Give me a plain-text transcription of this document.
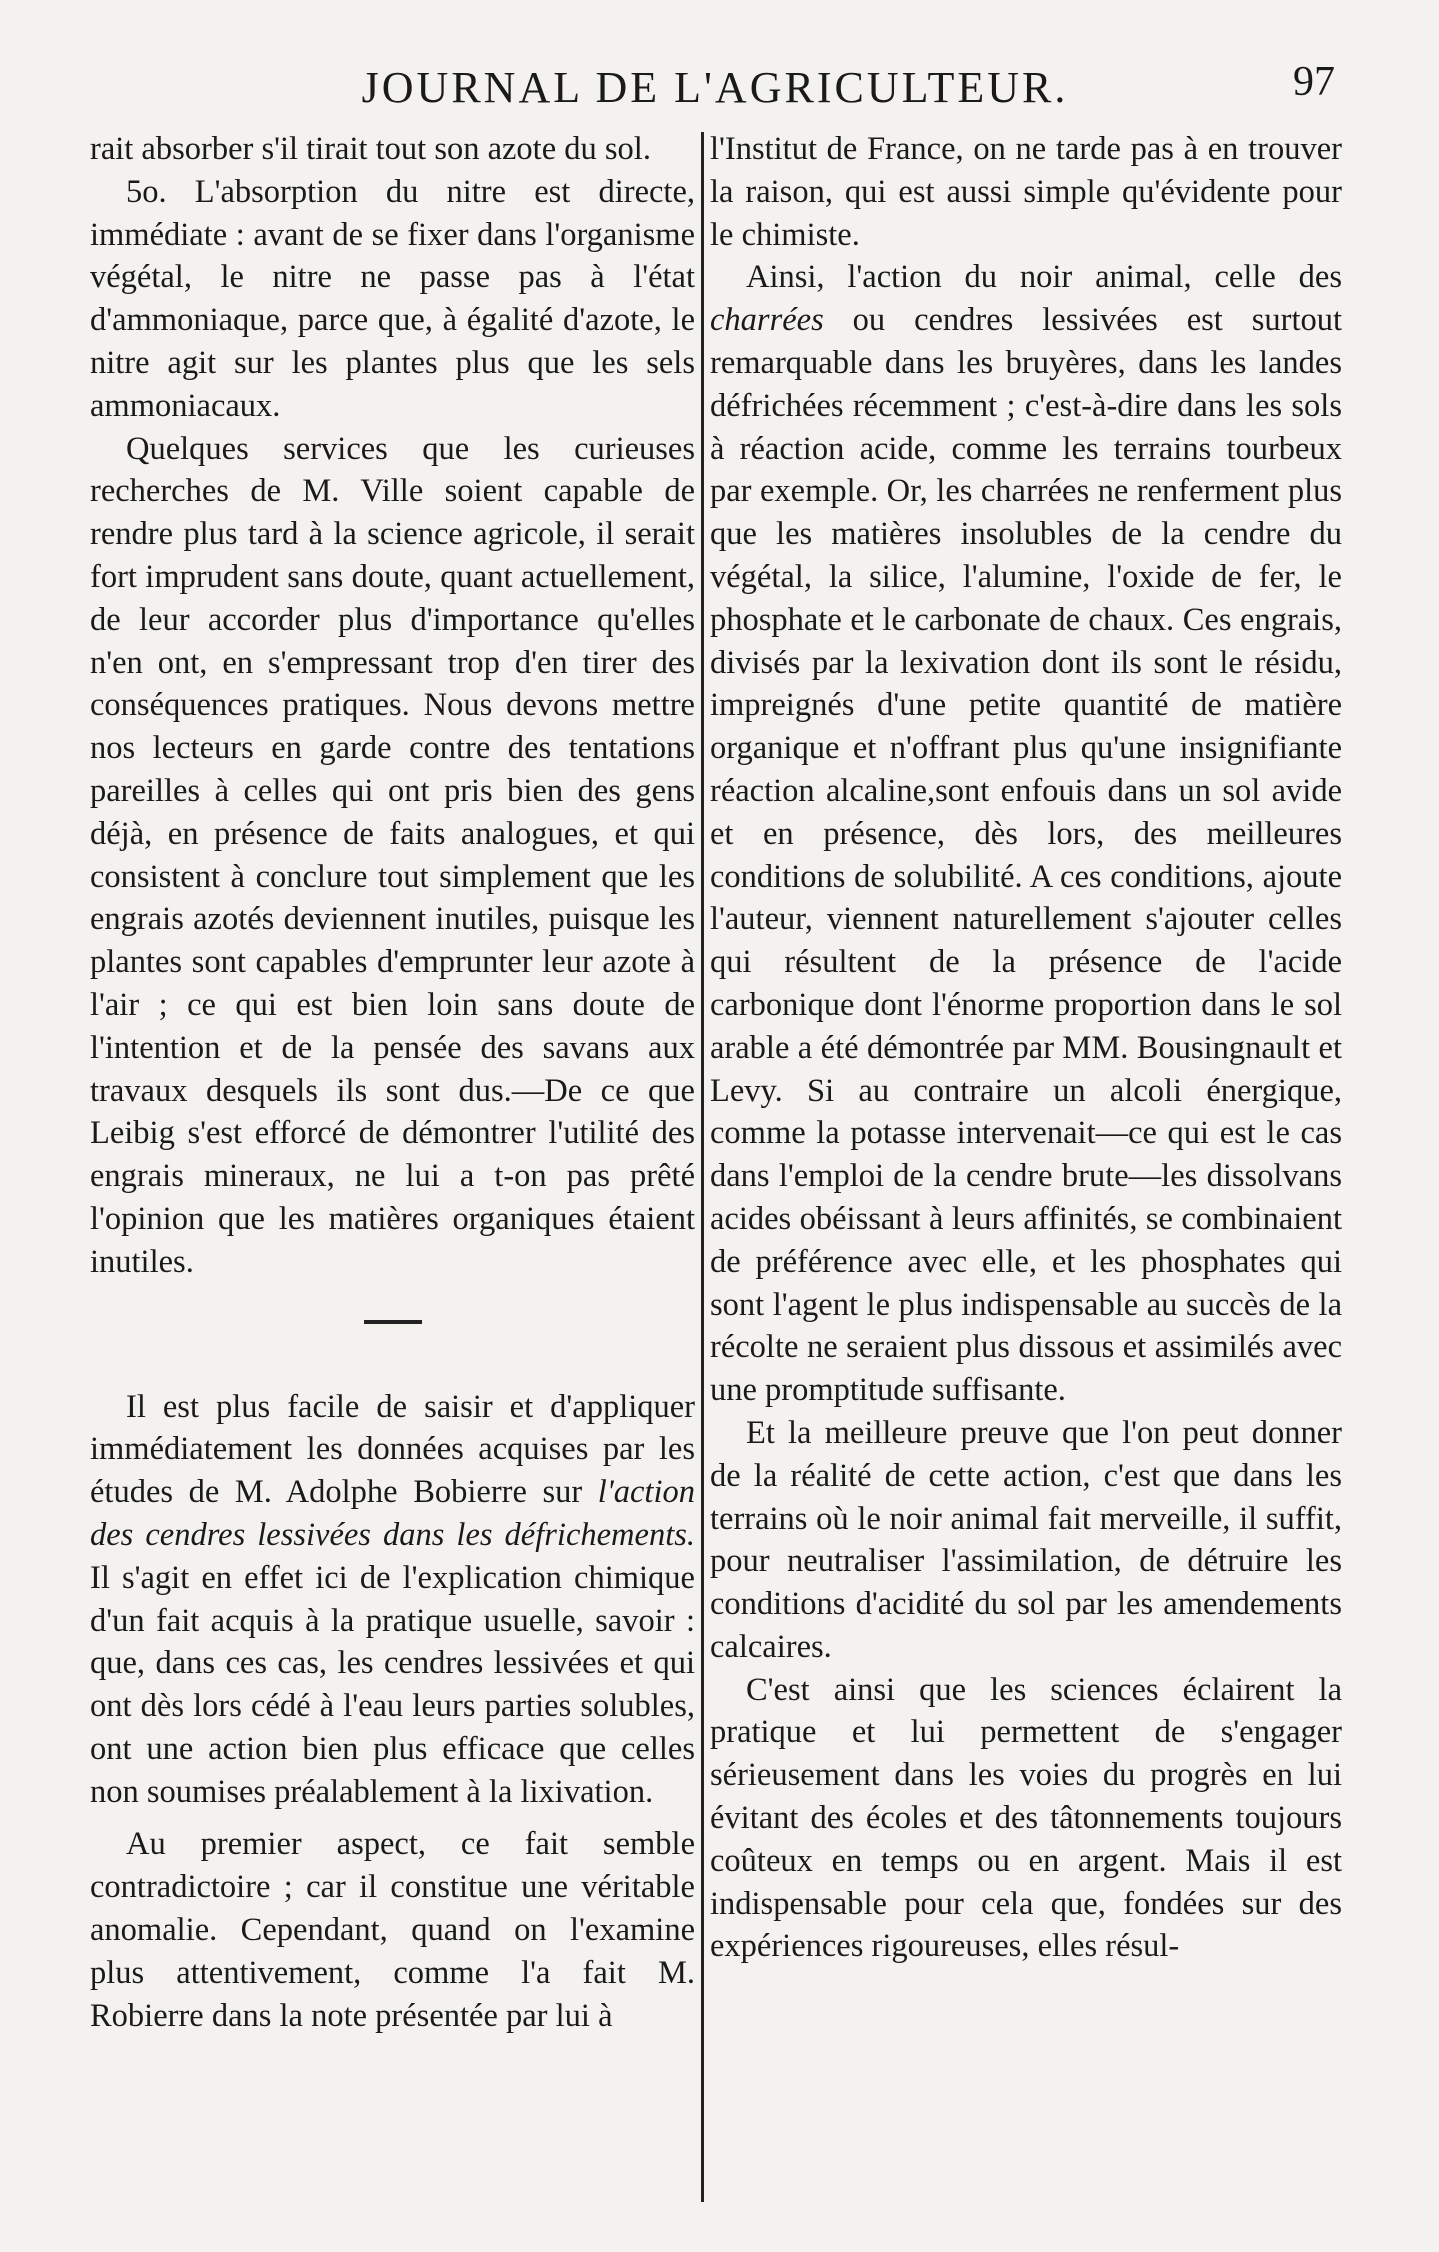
JOURNAL DE L'AGRICULTEUR.	97

rait absorber s'il tirait tout son azote du sol.

5o. L'absorption du nitre est directe, immédiate : avant de se fixer dans l'organisme végétal, le nitre ne passe pas à l'état d'ammoniaque, parce que, à égalité d'azote, le nitre agit sur les plantes plus que les sels ammoniacaux.

Quelques services que les curieuses recherches de M. Ville soient capable de rendre plus tard à la science agricole, il serait fort imprudent sans doute, quant actuellement, de leur accorder plus d'importance qu'elles n'en ont, en s'empressant trop d'en tirer des conséquences pratiques. Nous devons mettre nos lecteurs en garde contre des tentations pareilles à celles qui ont pris bien des gens déjà, en présence de faits analogues, et qui consistent à conclure tout simplement que les engrais azotés deviennent inutiles, puisque les plantes sont capables d'emprunter leur azote à l'air ; ce qui est bien loin sans doute de l'intention et de la pensée des savans aux travaux desquels ils sont dus.—De ce que Leibig s'est efforcé de démontrer l'utilité des engrais mineraux, ne lui a t-on pas prêté l'opinion que les matières organiques étaient inutiles.

Il est plus facile de saisir et d'appliquer immédiatement les données acquises par les études de M. Adolphe Bobierre sur l'action des cendres lessivées dans les défrichements. Il s'agit en effet ici de l'explication chimique d'un fait acquis à la pratique usuelle, savoir : que, dans ces cas, les cendres lessivées et qui ont dès lors cédé à l'eau leurs parties solubles, ont une action bien plus efficace que celles non soumises préalablement à la lixivation.

Au premier aspect, ce fait semble contradictoire ; car il constitue une véritable anomalie. Cependant, quand on l'examine plus attentivement, comme l'a fait M. Robierre dans la note présentée par lui à

l'Institut de France, on ne tarde pas à en trouver la raison, qui est aussi simple qu'évidente pour le chimiste.

Ainsi, l'action du noir animal, celle des charrées ou cendres lessivées est surtout remarquable dans les bruyères, dans les landes défrichées récemment ; c'est-à-dire dans les sols à réaction acide, comme les terrains tourbeux par exemple. Or, les charrées ne renferment plus que les matières insolubles de la cendre du végétal, la silice, l'alumine, l'oxide de fer, le phosphate et le carbonate de chaux. Ces engrais, divisés par la lexivation dont ils sont le résidu, impreignés d'une petite quantité de matière organique et n'offrant plus qu'une insignifiante réaction alcaline,sont enfouis dans un sol avide et en présence, dès lors, des meilleures conditions de solubilité. A ces conditions, ajoute l'auteur, viennent naturellement s'ajouter celles qui résultent de la présence de l'acide carbonique dont l'énorme proportion dans le sol arable a été démontrée par MM. Bousingnault et Levy. Si au contraire un alcoli énergique, comme la potasse intervenait—ce qui est le cas dans l'emploi de la cendre brute—les dissolvans acides obéissant à leurs affinités, se combinaient de préférence avec elle, et les phosphates qui sont l'agent le plus indispensable au succès de la récolte ne seraient plus dissous et assimilés avec une promptitude suffisante.

Et la meilleure preuve que l'on peut donner de la réalité de cette action, c'est que dans les terrains où le noir animal fait merveille, il suffit, pour neutraliser l'assimilation, de détruire les conditions d'acidité du sol par les amendements calcaires.

C'est ainsi que les sciences éclairent la pratique et lui permettent de s'engager sérieusement dans les voies du progrès en lui évitant des écoles et des tâtonnements toujours coûteux en temps ou en argent. Mais il est indispensable pour cela que, fondées sur des expériences rigoureuses, elles résul-
